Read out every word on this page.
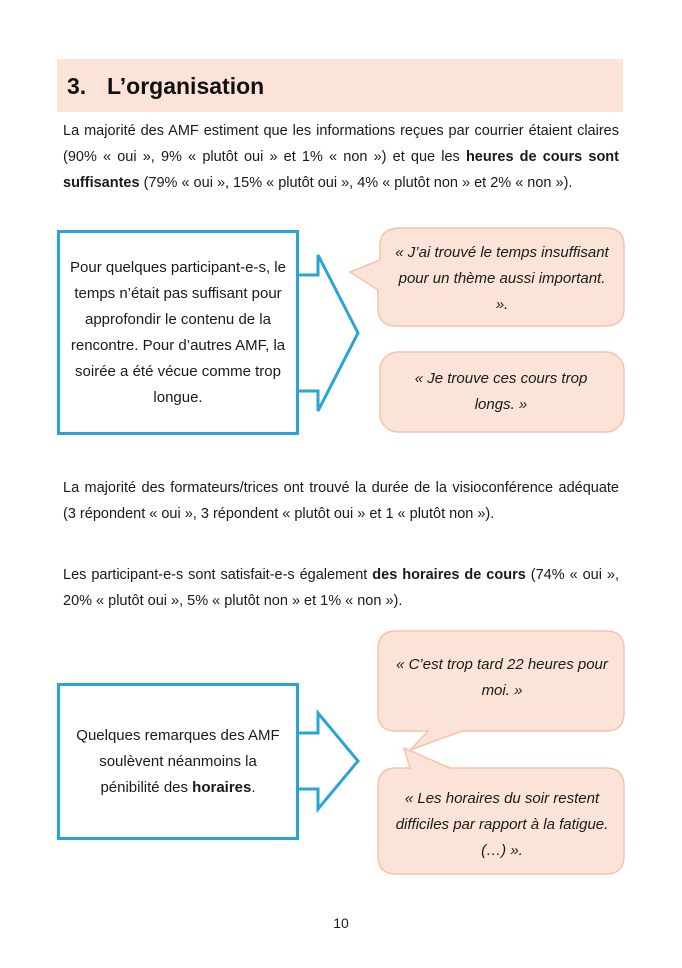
3. L’organisation

La majorité des AMF estiment que les informations reçues par courrier étaient claires (90% « oui », 9% « plutôt oui » et 1% « non ») et que les heures de cours sont suffisantes (79% « oui », 15% « plutôt oui », 4% « plutôt non » et 2% « non »).

Pour quelques participant-e-s, le temps n’était pas suffisant pour approfondir le contenu de la rencontre. Pour d’autres AMF, la soirée a été vécue comme trop longue.
« J’ai trouvé le temps insuffisant pour un thème aussi important. ».
« Je trouve ces cours trop longs. »

La majorité des formateurs/trices ont trouvé la durée de la visioconférence adéquate (3 répondent « oui », 3 répondent « plutôt oui » et 1 « plutôt non »).

Les participant-e-s sont satisfait-e-s également des horaires de cours (74% « oui », 20% « plutôt oui », 5% « plutôt non » et 1% « non »).

Quelques remarques des AMF soulèvent néanmoins la pénibilité des horaires.
« C’est trop tard 22 heures pour moi. »
« Les horaires du soir restent difficiles par rapport à la fatigue. (…) ».
10
